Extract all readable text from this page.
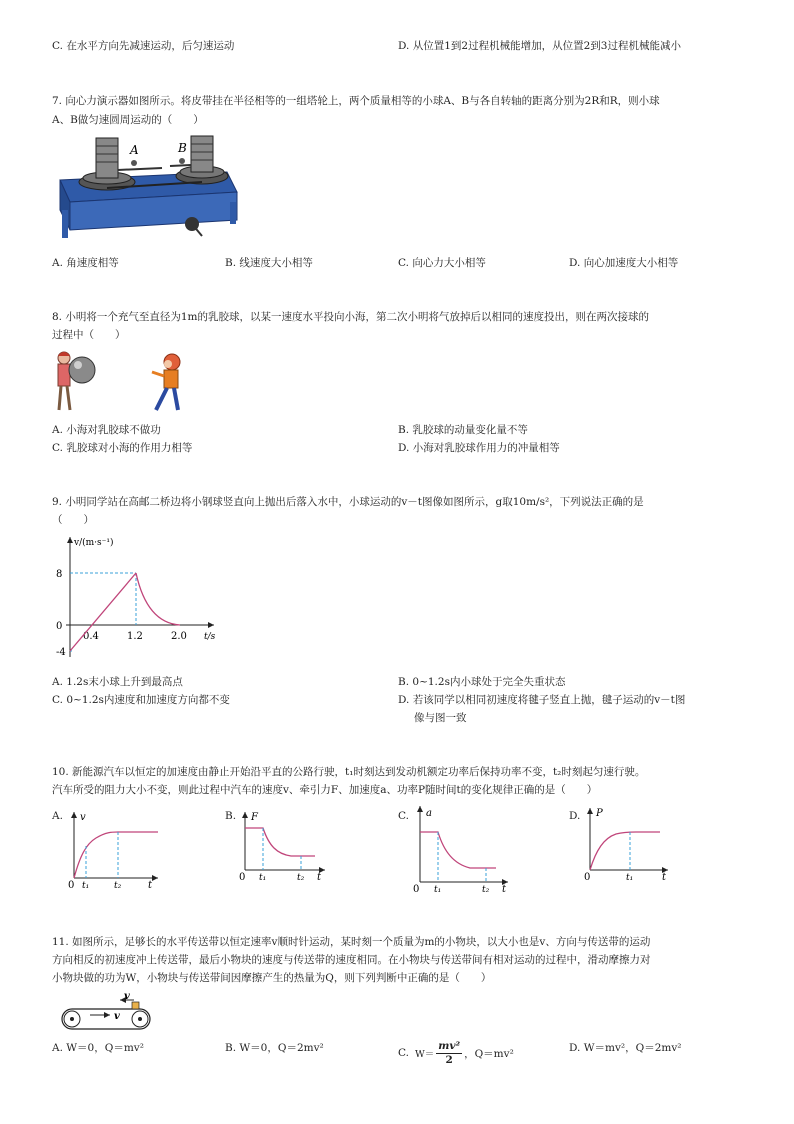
C. 在水平方向先减速运动，后匀速运动	D. 从位置1到2过程机械能增加，从位置2到3过程机械能减小
7. 向心力演示器如图所示。将皮带挂在半径相等的一组塔轮上，两个质量相等的小球A、B与各自转轴的距离分别为2R和R，则小球
A、B做匀速圆周运动的（　　）
A	B
A. 角速度相等	B. 线速度大小相等	C. 向心力大小相等	D. 向心加速度大小相等
8. 小明将一个充气至直径为1m的乳胶球，以某一速度水平投向小海，第二次小明将气放掉后以相同的速度投出，则在两次接球的
过程中（　　）
A. 小海对乳胶球不做功	B. 乳胶球的动量变化量不等
C. 乳胶球对小海的作用力相等	D. 小海对乳胶球作用力的冲量相等
9. 小明同学站在高邮二桥边将小钢球竖直向上抛出后落入水中，小球运动的v－t图像如图所示，g取10m/s²，下列说法正确的是
（　　）
v/(m·s⁻¹)
t/s
8
0
-4
0.4	1.2	2.0
A. 1.2s末小球上升到最高点	B. 0~1.2s内小球处于完全失重状态
C. 0~1.2s内速度和加速度方向都不变	D. 若该同学以相同初速度将毽子竖直上抛，毽子运动的v－t图
像与图一致
10. 新能源汽车以恒定的加速度由静止开始沿平直的公路行驶，t₁时刻达到发动机额定功率后保持功率不变，t₂时刻起匀速行驶。
汽车所受的阻力大小不变，则此过程中汽车的速度v、牵引力F、加速度a、功率P随时间t的变化规律正确的是（　　）
A.	B.	C.	D.
v
t
0 t₁	t₂
F
t
0 t₁	t₂
a
t
0 t₁	t₂
P
t
0	t₁
11. 如图所示，足够长的水平传送带以恒定速率v顺时针运动，某时刻一个质量为m的小物块，以大小也是v、方向与传送带的运动
方向相反的初速度冲上传送带，最后小物块的速度与传送带的速度相同。在小物块与传送带间有相对运动的过程中，滑动摩擦力对
小物块做的功为W，小物块与传送带间因摩擦产生的热量为Q，则下列判断中正确的是（　　）
v
v
A. W＝0，Q＝mv²	B. W＝0，Q＝2mv²	C. $W= \frac{\text{mv²}}{2}$ ，Q＝mv²	D. W＝mv²，Q＝2mv²
